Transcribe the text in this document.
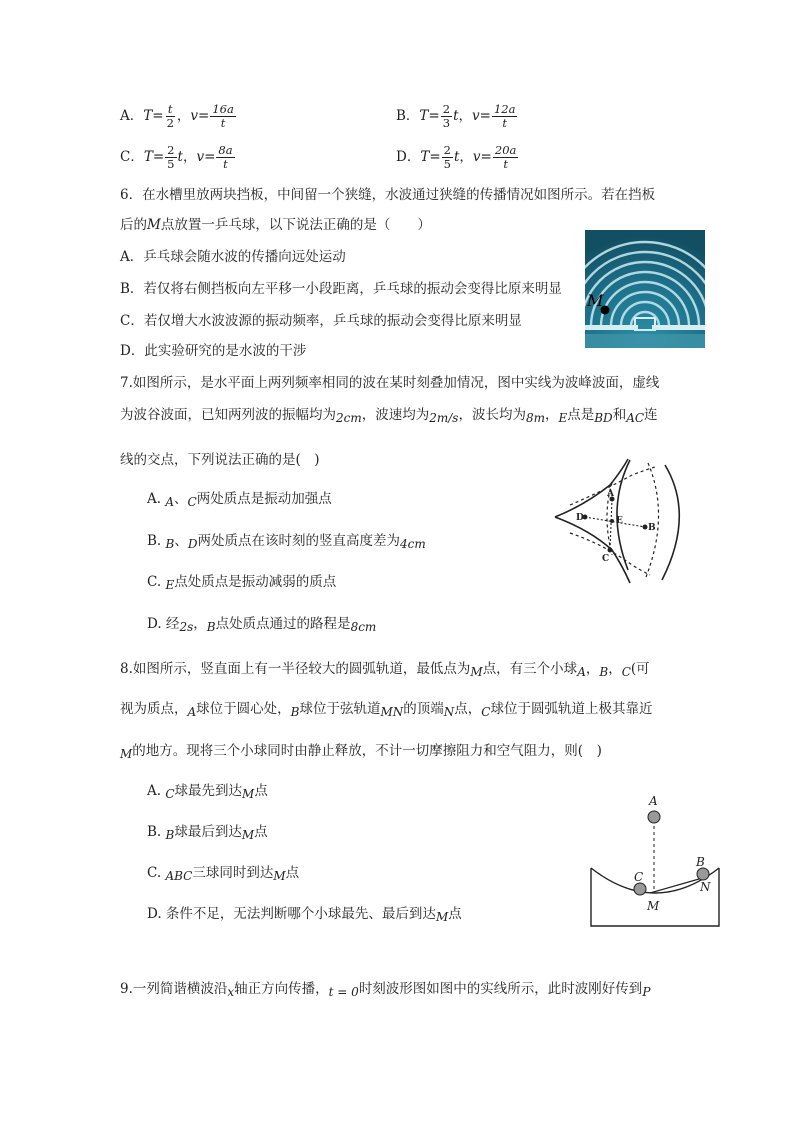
A．$T= \frac{t}{2}$ ，$v= \frac{16a}{t}$	B．$T= \frac{2}{3}$ t，$v= \frac{12a}{t}$
C．$T= \frac{2}{5}$ t，$v= \frac{8a}{t}$	D．$T= \frac{2}{5}$ t，$v= \frac{20a}{t}$
6．在水槽里放两块挡板，中间留一个狭缝，水波通过狭缝的传播情况如图所示。若在挡板
后的M点放置一乒乓球，以下说法正确的是（　　）
A．乒乓球会随水波的传播向远处运动
B．若仅将右侧挡板向左平移一小段距离，乒乓球的振动会变得比原来明显
C．若仅增大水波波源的振动频率，乒乓球的振动会变得比原来明显
D．此实验研究的是水波的干涉
M
7.如图所示，是水平面上两列频率相同的波在某时刻叠加情况，图中实线为波峰波面，虚线
为波谷波面，已知两列波的振幅均为2cm，波速均为2m/s，波长均为8m，E点是BD和AC连
线的交点，下列说法正确的是(　)
A. A、C两处质点是振动加强点
B. B、D两处质点在该时刻的竖直高度差为4cm
C. E点处质点是振动减弱的质点
D. 经2s，B点处质点通过的路程是8cm
D
A
E
B
C
8.如图所示，竖直面上有一半径较大的圆弧轨道，最低点为M点，有三个小球A，B，C(可
视为质点，A球位于圆心处，B球位于弦轨道MN的顶端N点，C球位于圆弧轨道上极其靠近
M的地方。现将三个小球同时由静止释放，不计一切摩擦阻力和空气阻力，则(　)
A. C球最先到达M点
B. B球最后到达M点
C. ABC三球同时到达M点
D. 条件不足，无法判断哪个小球最先、最后到达M点
A
B
C
M
N
9.一列简谐横波沿x轴正方向传播，t = 0时刻波形图如图中的实线所示，此时波刚好传到P
